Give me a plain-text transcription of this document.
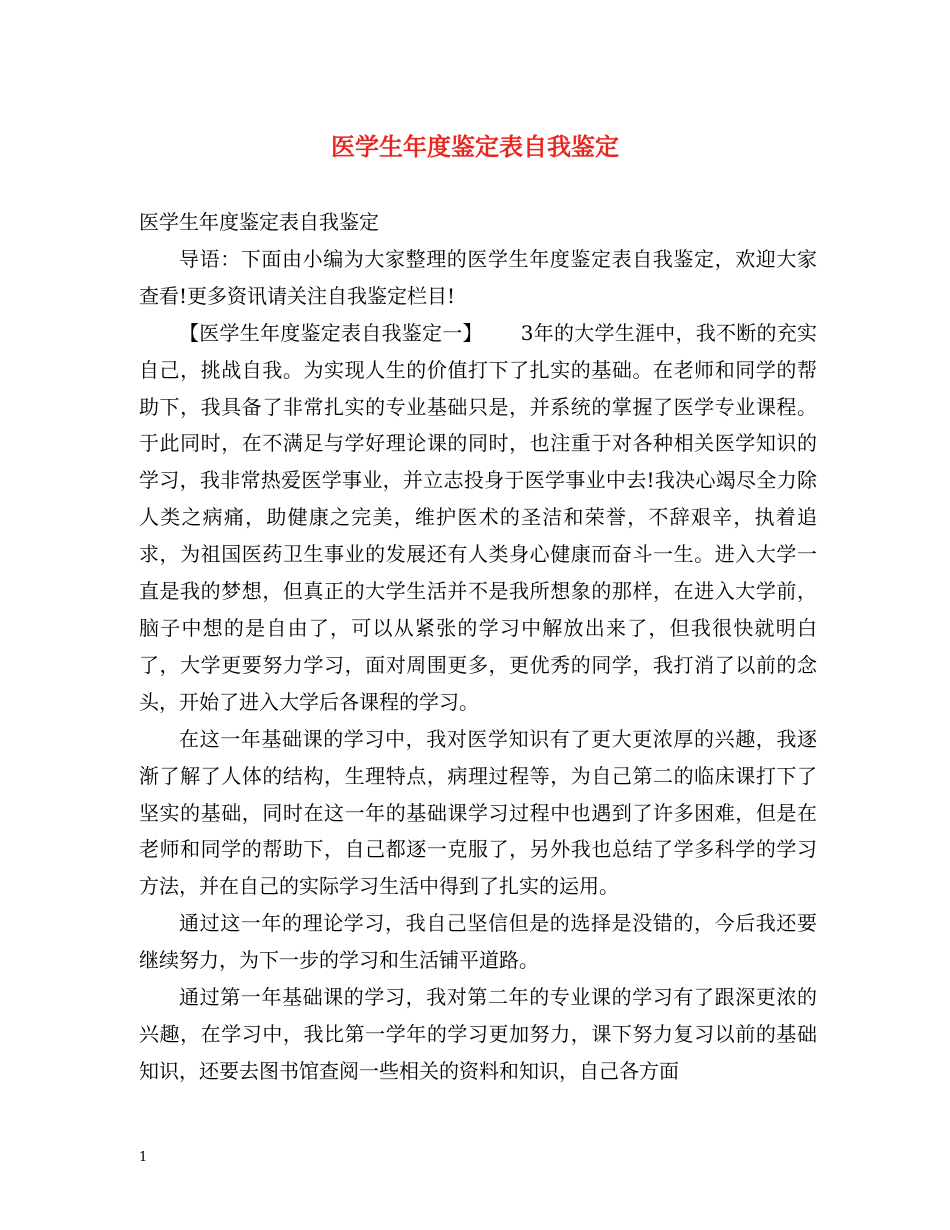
医学生年度鉴定表自我鉴定

医学生年度鉴定表自我鉴定

导语：下面由小编为大家整理的医学生年度鉴定表自我鉴定，欢迎大家查看!更多资讯请关注自我鉴定栏目!

【医学生年度鉴定表自我鉴定一】 3年的大学生涯中，我不断的充实自己，挑战自我。为实现人生的价值打下了扎实的基础。在老师和同学的帮助下，我具备了非常扎实的专业基础只是，并系统的掌握了医学专业课程。于此同时，在不满足与学好理论课的同时，也注重于对各种相关医学知识的学习，我非常热爱医学事业，并立志投身于医学事业中去!我决心竭尽全力除人类之病痛，助健康之完美，维护医术的圣洁和荣誉，不辞艰辛，执着追求，为祖国医药卫生事业的发展还有人类身心健康而奋斗一生。进入大学一直是我的梦想，但真正的大学生活并不是我所想象的那样，在进入大学前，脑子中想的是自由了，可以从紧张的学习中解放出来了，但我很快就明白了，大学更要努力学习，面对周围更多，更优秀的同学，我打消了以前的念头，开始了进入大学后各课程的学习。

在这一年基础课的学习中，我对医学知识有了更大更浓厚的兴趣，我逐渐了解了人体的结构，生理特点，病理过程等，为自己第二的临床课打下了坚实的基础，同时在这一年的基础课学习过程中也遇到了许多困难，但是在老师和同学的帮助下，自己都逐一克服了，另外我也总结了学多科学的学习方法，并在自己的实际学习生活中得到了扎实的运用。

通过这一年的理论学习，我自己坚信但是的选择是没错的，今后我还要继续努力，为下一步的学习和生活铺平道路。

通过第一年基础课的学习，我对第二年的专业课的学习有了跟深更浓的兴趣，在学习中，我比第一学年的学习更加努力，课下努力复习以前的基础知识，还要去图书馆查阅一些相关的资料和知识，自己各方面

1
